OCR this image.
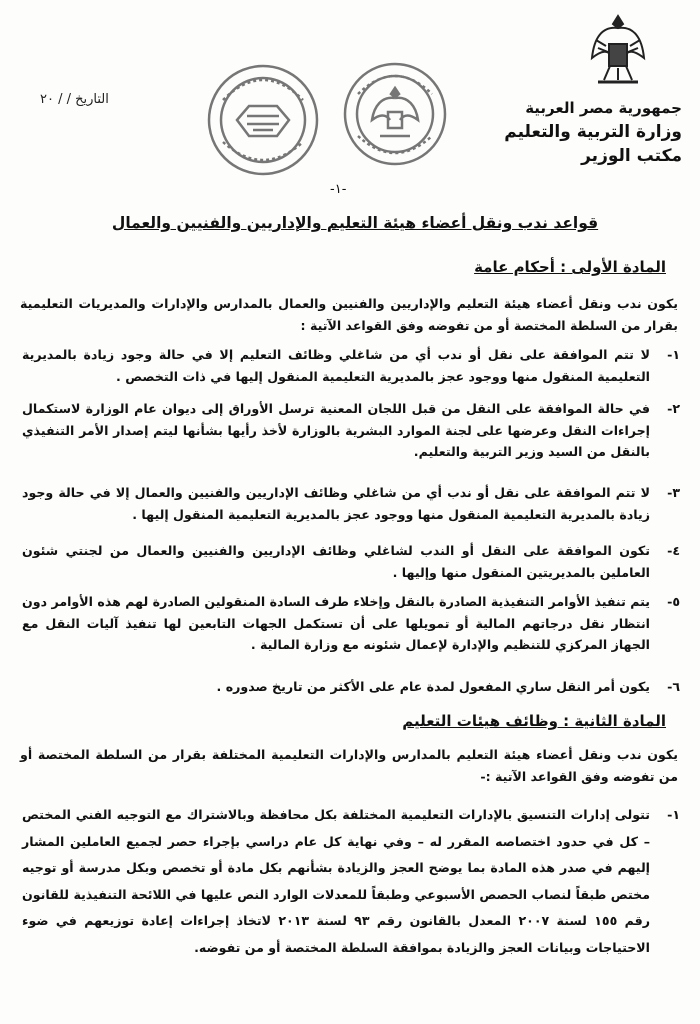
جمهورية مصر العربية
وزارة التربية والتعليم
مكتب الوزير
التاريخ / / ٢٠
-١-
قواعد ندب ونقل أعضاء هيئة التعليم والإداريين والفنيين والعمال
المادة الأولى : أحكام عامة
يكون ندب ونقل أعضاء هيئة التعليم والإداريين والفنيين والعمال بالمدارس والإدارات والمديريات التعليمية بقرار من السلطة المختصة أو من تفوضه وفق القواعد الآتية :
١-
لا تتم الموافقة على نقل أو ندب أي من شاغلي وظائف التعليم إلا في حالة وجود زيادة بالمديرية التعليمية المنقول منها ووجود عجز بالمديرية التعليمية المنقول إليها في ذات التخصص .
٢-
في حالة الموافقة على النقل من قبل اللجان المعنية ترسل الأوراق إلى ديوان عام الوزارة لاستكمال إجراءات النقل وعرضها على لجنة الموارد البشرية بالوزارة لأخذ رأيها بشأنها ليتم إصدار الأمر التنفيذي بالنقل من السيد وزير التربية والتعليم.
٣-
لا تتم الموافقة على نقل أو ندب أي من شاغلي وظائف الإداريين والفنيين والعمال إلا في حالة وجود زيادة بالمديرية التعليمية المنقول منها ووجود عجز بالمديرية التعليمية المنقول إليها .
٤-
تكون الموافقة على النقل أو الندب لشاغلي وظائف الإداريين والفنيين والعمال من لجنتي شئون العاملين بالمديريتين المنقول منها وإليها .
٥-
يتم تنفيذ الأوامر التنفيذية الصادرة بالنقل وإخلاء طرف السادة المنقولين الصادرة لهم هذه الأوامر دون انتظار نقل درجاتهم المالية أو تمويلها على أن تستكمل الجهات التابعين لها تنفيذ آليات النقل مع الجهاز المركزي للتنظيم والإدارة لإعمال شئونه مع وزارة المالية .
٦-
يكون أمر النقل ساري المفعول لمدة عام على الأكثر من تاريخ صدوره .
المادة الثانية : وظائف هيئات التعليم
يكون ندب ونقل أعضاء هيئة التعليم بالمدارس والإدارات التعليمية المختلفة بقرار من السلطة المختصة أو من تفوضه وفق القواعد الآتية :-
١-
تتولى إدارات التنسيق بالإدارات التعليمية المختلفة بكل محافظة وبالاشتراك مع التوجيه الفني المختص – كل في حدود اختصاصه المقرر له – وفي نهاية كل عام دراسي بإجراء حصر لجميع العاملين المشار إليهم في صدر هذه المادة بما يوضح العجز والزيادة بشأنهم بكل مادة أو تخصص وبكل مدرسة أو توجيه مختص طبقاً لنصاب الحصص الأسبوعي وطبقاً للمعدلات الوارد النص عليها في اللائحة التنفيذية للقانون رقم ١٥٥ لسنة ٢٠٠٧ المعدل بالقانون رقم ٩٣ لسنة ٢٠١٣ لاتخاذ إجراءات إعادة توزيعهم في ضوء الاحتياجات وبيانات العجز والزيادة بموافقة السلطة المختصة أو من تفوضه.
